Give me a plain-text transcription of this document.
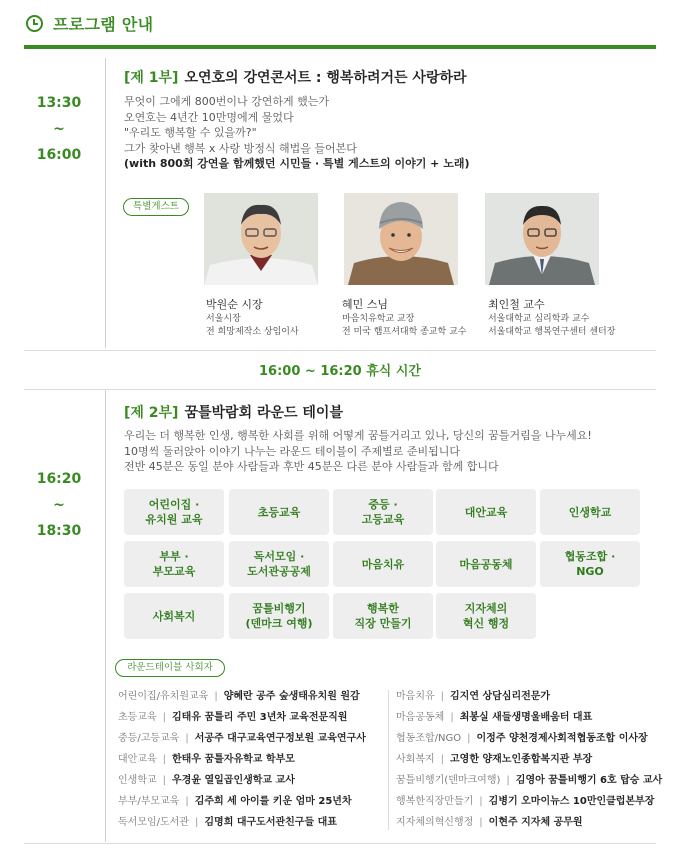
프로그램 안내
13:30
~
16:00
[제 1부] 오연호의 강연콘서트 : 행복하려거든 사랑하라
무엇이 그에게 800번이나 강연하게 했는가
오연호는 4년간 10만명에게 물었다
"우리도 행복할 수 있을까?"
그가 찾아낸 행복 x 사랑 방정식 해법을 들어본다
(with 800회 강연을 함께했던 시민들 · 특별 게스트의 이야기 + 노래)
특별게스트
박원순 시장
서울시장
전 희망제작소 상임이사
혜민 스님
마음치유학교 교장
전 미국 햄프셔대학 종교학 교수
최인철 교수
서울대학교 심리학과 교수
서울대학교 행복연구센터 센터장
16:00 ~ 16:20 휴식 시간
16:20
~
18:30
[제 2부] 꿈틀박람회 라운드 테이블
우리는 더 행복한 인생, 행복한 사회를 위해 어떻게 꿈틀거리고 있나, 당신의 꿈틀거림을 나누세요!
10명씩 둘러앉아 이야기 나누는 라운드 테이블이 주제별로 준비됩니다
전반 45분은 동일 분야 사람들과 후반 45분은 다른 분야 사람들과 함께 합니다
어린이집 ·
유치원 교육
초등교육
중등 ·
고등교육
대안교육	인생학교
부부 ·
부모교육
독서모임 ·
도서관공공제
마음치유	마음공동체
협동조합 ·
NGO
사회복지
꿈틀비행기
(덴마크 여행)
행복한
직장 만들기
지자체의
혁신 행정
라운드테이블 사회자
어린이집/유치원교육 | 양혜란 공주 숲생태유치원 원감
초등교육 | 김태유 꿈틀리 주민 3년차 교육전문직원
중등/고등교육 | 서공주 대구교육연구정보원 교육연구사
대안교육 | 한태우 꿈틀자유학교 학부모
인생학교 | 우경윤 열일곱인생학교 교사
부부/부모교육 | 김주희 세 아이를 키운 엄마 25년차
독서모임/도서관 | 김명희 대구도서관친구들 대표
마음치유 | 김지연 상담심리전문가
마음공동체 | 최봉실 새들생명울배움터 대표
협동조합/NGO | 이정주 양천경제사회적협동조합 이사장
사회복지 | 고영한 양재노인종합복지관 부장
꿈틀비행기(덴마크여행) | 김영아 꿈틀비행기 6호 탑승 교사
행복한직장만들기 | 김병기 오마이뉴스 10만인클럽본부장
지자체의혁신행정 | 이현주 지자체 공무원
